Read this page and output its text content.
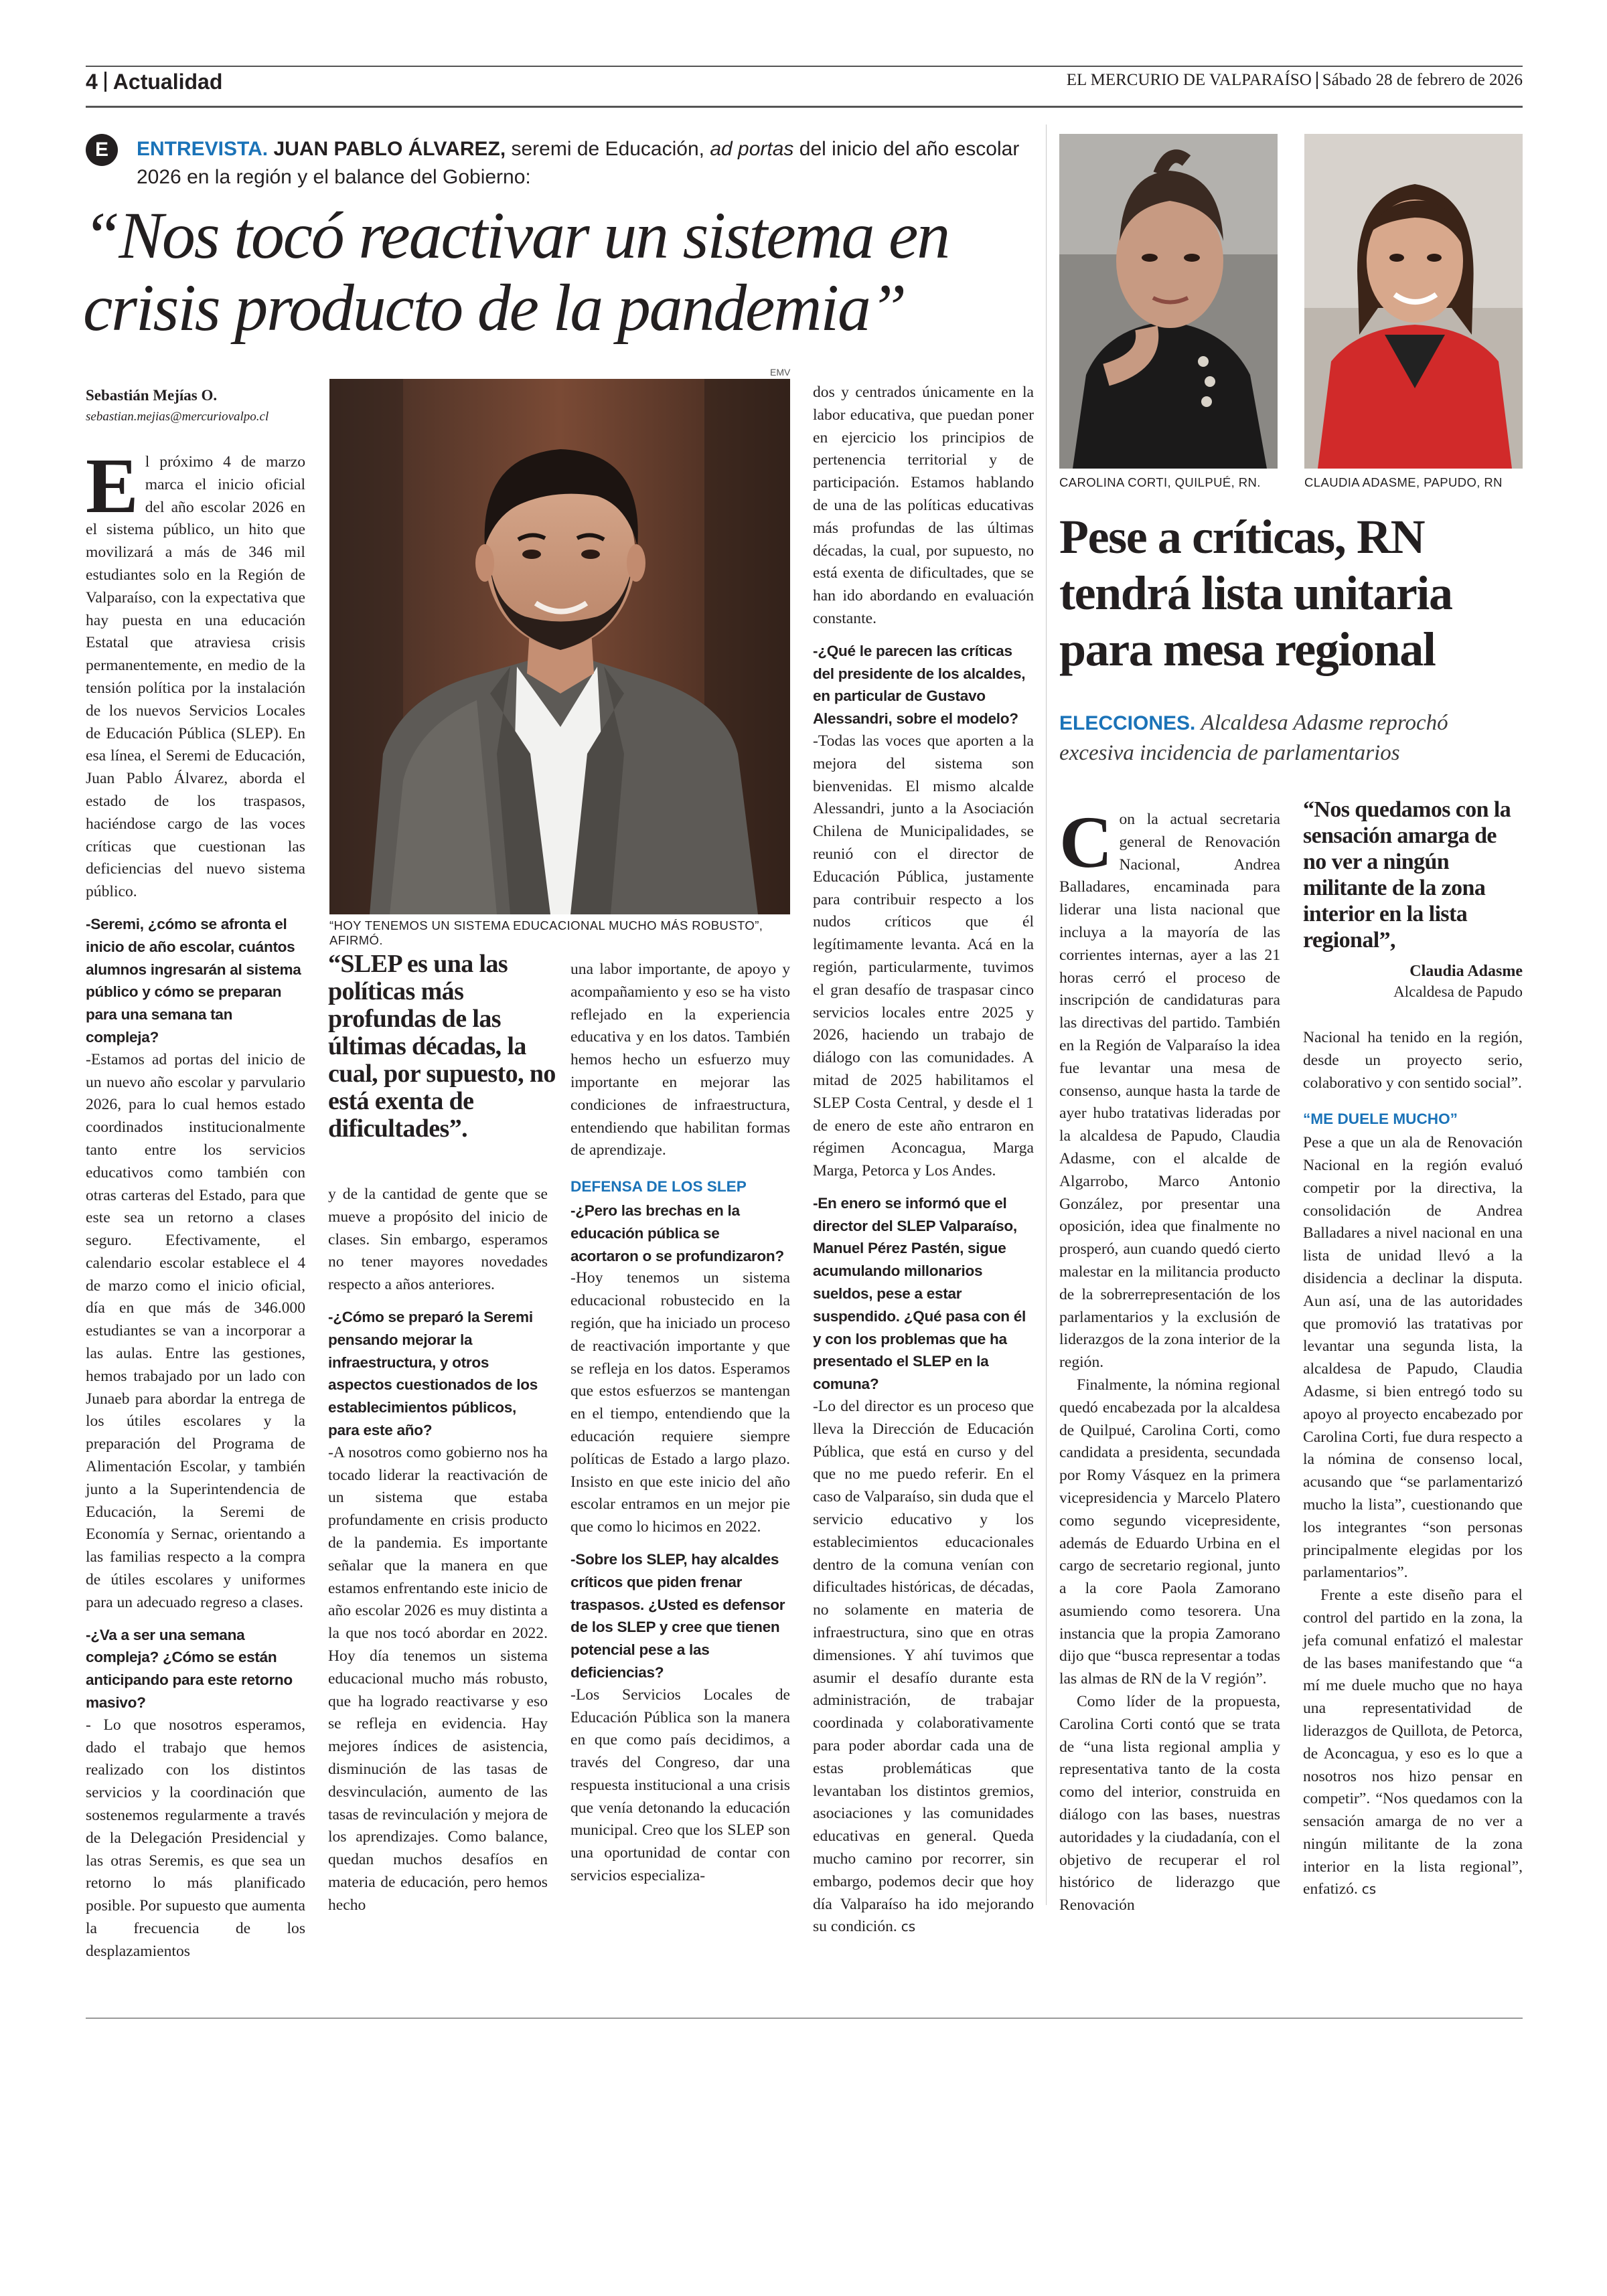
4 Actualidad	EL MERCURIO DE VALPARAÍSO Sábado 28 de febrero de 2026
E ENTREVISTA. JUAN PABLO ÁLVAREZ, seremi de Educación, ad portas del inicio del año escolar 2026 en la región y el balance del Gobierno:
“Nos tocó reactivar un sistema en crisis producto de la pandemia”
Sebastián Mejías O.
sebastian.mejias@mercuriovalpo.cl
EMV
“HOY TENEMOS UN SISTEMA EDUCACIONAL MUCHO MÁS ROBUSTO”, AFIRMÓ.

El próximo 4 de marzo marca el inicio oficial del año escolar 2026 en el sistema público, un hito que movilizará a más de 346 mil estudiantes solo en la Región de Valparaíso, con la expectativa que hay puesta en una educación Estatal que atraviesa crisis permanentemente, en medio de la tensión política por la instalación de los nuevos Servicios Locales de Educación Pública (SLEP). En esa línea, el Seremi de Educación, Juan Pablo Álvarez, aborda el estado de los traspasos, haciéndose cargo de las voces críticas que cuestionan las deficiencias del nuevo sistema público.

-Seremi, ¿cómo se afronta el inicio de año escolar, cuántos alumnos ingresarán al sistema público y cómo se preparan para una semana tan compleja?

-Estamos ad portas del inicio de un nuevo año escolar y parvulario 2026, para lo cual hemos estado coordinados institucionalmente tanto entre los servicios educativos como también con otras carteras del Estado, para que este sea un retorno a clases seguro. Efectivamente, el calendario escolar establece el 4 de marzo como el inicio oficial, día en que más de 346.000 estudiantes se van a incorporar a las aulas. Entre las gestiones, hemos trabajado por un lado con Junaeb para abordar la entrega de los útiles escolares y la preparación del Programa de Alimentación Escolar, y también junto a la Superintendencia de Educación, la Seremi de Economía y Sernac, orientando a las familias respecto a la compra de útiles escolares y uniformes para un adecuado regreso a clases.

-¿Va a ser una semana compleja? ¿Cómo se están anticipando para este retorno masivo?

- Lo que nosotros esperamos, dado el trabajo que hemos realizado con los distintos servicios y la coordinación que sostenemos regularmente a través de la Delegación Presidencial y las otras Seremis, es que sea un retorno lo más planificado posible. Por supuesto que aumenta la frecuencia de los desplazamientos

“SLEP es una las políticas más profundas de las últimas décadas, la cual, por supuesto, no está exenta de dificultades”.

y de la cantidad de gente que se mueve a propósito del inicio de clases. Sin embargo, esperamos no tener mayores novedades respecto a años anteriores.

-¿Cómo se preparó la Seremi pensando mejorar la infraestructura, y otros aspectos cuestionados de los establecimientos públicos, para este año?

-A nosotros como gobierno nos ha tocado liderar la reactivación de un sistema que estaba profundamente en crisis producto de la pandemia. Es importante señalar que la manera en que estamos enfrentando este inicio de año escolar 2026 es muy distinta a la que nos tocó abordar en 2022. Hoy día tenemos un sistema educacional mucho más robusto, que ha logrado reactivarse y eso se refleja en evidencia. Hay mejores índices de asistencia, disminución de las tasas de desvinculación, aumento de las tasas de revinculación y mejora de los aprendizajes. Como balance, quedan muchos desafíos en materia de educación, pero hemos hecho

una labor importante, de apoyo y acompañamiento y eso se ha visto reflejado en la experiencia educativa y en los datos. También hemos hecho un esfuerzo muy importante en mejorar las condiciones de infraestructura, entendiendo que habilitan formas de aprendizaje.

DEFENSA DE LOS SLEP

-¿Pero las brechas en la educación pública se acortaron o se profundizaron?

-Hoy tenemos un sistema educacional robustecido en la región, que ha iniciado un proceso de reactivación importante y que se refleja en los datos. Esperamos que estos esfuerzos se mantengan en el tiempo, entendiendo que la educación requiere siempre políticas de Estado a largo plazo. Insisto en que este inicio del año escolar entramos en un mejor pie que como lo hicimos en 2022.

-Sobre los SLEP, hay alcaldes críticos que piden frenar traspasos. ¿Usted es defensor de los SLEP y cree que tienen potencial pese a las deficiencias?

-Los Servicios Locales de Educación Pública son la manera en que como país decidimos, a través del Congreso, dar una respuesta institucional a una crisis que venía detonando la educación municipal. Creo que los SLEP son una oportunidad de contar con servicios especializa-

dos y centrados únicamente en la labor educativa, que puedan poner en ejercicio los principios de pertenencia territorial y de participación. Estamos hablando de una de las políticas educativas más profundas de las últimas décadas, la cual, por supuesto, no está exenta de dificultades, que se han ido abordando en evaluación constante.

-¿Qué le parecen las críticas del presidente de los alcaldes, en particular de Gustavo Alessandri, sobre el modelo?

-Todas las voces que aporten a la mejora del sistema son bienvenidas. El mismo alcalde Alessandri, junto a la Asociación Chilena de Municipalidades, se reunió con el director de Educación Pública, justamente para contribuir respecto a los nudos críticos que él legítimamente levanta. Acá en la región, particularmente, tuvimos el gran desafío de traspasar cinco servicios locales entre 2025 y 2026, haciendo un trabajo de diálogo con las comunidades. A mitad de 2025 habilitamos el SLEP Costa Central, y desde el 1 de enero de este año entraron en régimen Aconcagua, Marga Marga, Petorca y Los Andes.

-En enero se informó que el director del SLEP Valparaíso, Manuel Pérez Pastén, sigue acumulando millonarios sueldos, pese a estar suspendido. ¿Qué pasa con él y con los problemas que ha presentado el SLEP en la comuna?

-Lo del director es un proceso que lleva la Dirección de Educación Pública, que está en curso y del que no me puedo referir. En el caso de Valparaíso, sin duda que el servicio educativo y los establecimientos educacionales dentro de la comuna venían con dificultades históricas, de décadas, no solamente en materia de infraestructura, sino que en otras dimensiones. Y ahí tuvimos que asumir el desafío durante esta administración, de trabajar coordinada y colaborativamente para poder abordar cada una de estas problemáticas que levantaban los distintos gremios, asociaciones y las comunidades educativas en general. Queda mucho camino por recorrer, sin embargo, podemos decir que hoy día Valparaíso ha ido mejorando su condición. cs

CAROLINA CORTI, QUILPUÉ, RN.	CLAUDIA ADASME, PAPUDO, RN
Pese a críticas, RN tendrá lista unitaria para mesa regional
ELECCIONES. Alcaldesa Adasme reprochó excesiva incidencia de parlamentarios

Con la actual secretaria general de Renovación Nacional, Andrea Balladares, encaminada para liderar una lista nacional que incluya a la mayoría de las corrientes internas, ayer a las 21 horas cerró el proceso de inscripción de candidaturas para las directivas del partido. También en la Región de Valparaíso la idea fue levantar una mesa de consenso, aunque hasta la tarde de ayer hubo tratativas lideradas por la alcaldesa de Papudo, Claudia Adasme, con el alcalde de Algarrobo, Marco Antonio González, por presentar una oposición, idea que finalmente no prosperó, aun cuando quedó cierto malestar en la militancia producto de la sobrerrepresentación de los parlamentarios y la exclusión de liderazgos de la zona interior de la región.

Finalmente, la nómina regional quedó encabezada por la alcaldesa de Quilpué, Carolina Corti, como candidata a presidenta, secundada por Romy Vásquez en la primera vicepresidencia y Marcelo Platero como segundo vicepresidente, además de Eduardo Urbina en el cargo de secretario regional, junto a la core Paola Zamorano asumiendo como tesorera. Una instancia que la propia Zamorano dijo que “busca representar a todas las almas de RN de la V región”.

Como líder de la propuesta, Carolina Corti contó que se trata de “una lista regional amplia y representativa tanto de la costa como del interior, construida en diálogo con las bases, nuestras autoridades y la ciudadanía, con el objetivo de recuperar el rol histórico de liderazgo que Renovación

“Nos quedamos con la sensación amarga de no ver a ningún militante de la zona interior en la lista regional”,
Claudia Adasme
Alcaldesa de Papudo

Nacional ha tenido en la región, desde un proyecto serio, colaborativo y con sentido social”.

“ME DUELE MUCHO”

Pese a que un ala de Renovación Nacional en la región evaluó competir por la directiva, la consolidación de Andrea Balladares a nivel nacional en una lista de unidad llevó a la disidencia a declinar la disputa. Aun así, una de las autoridades que promovió las tratativas por levantar una segunda lista, la alcaldesa de Papudo, Claudia Adasme, si bien entregó todo su apoyo al proyecto encabezado por Carolina Corti, fue dura respecto a la nómina de consenso local, acusando que “se parlamentarizó mucho la lista”, cuestionando que los integrantes “son personas principalmente elegidas por los parlamentarios”.

Frente a este diseño para el control del partido en la zona, la jefa comunal enfatizó el malestar de las bases manifestando que “a mí me duele mucho que no haya una representatividad de liderazgos de Quillota, de Petorca, de Aconcagua, y eso es lo que a nosotros nos hizo pensar en competir”. “Nos quedamos con la sensación amarga de no ver a ningún militante de la zona interior en la lista regional”, enfatizó. cs
